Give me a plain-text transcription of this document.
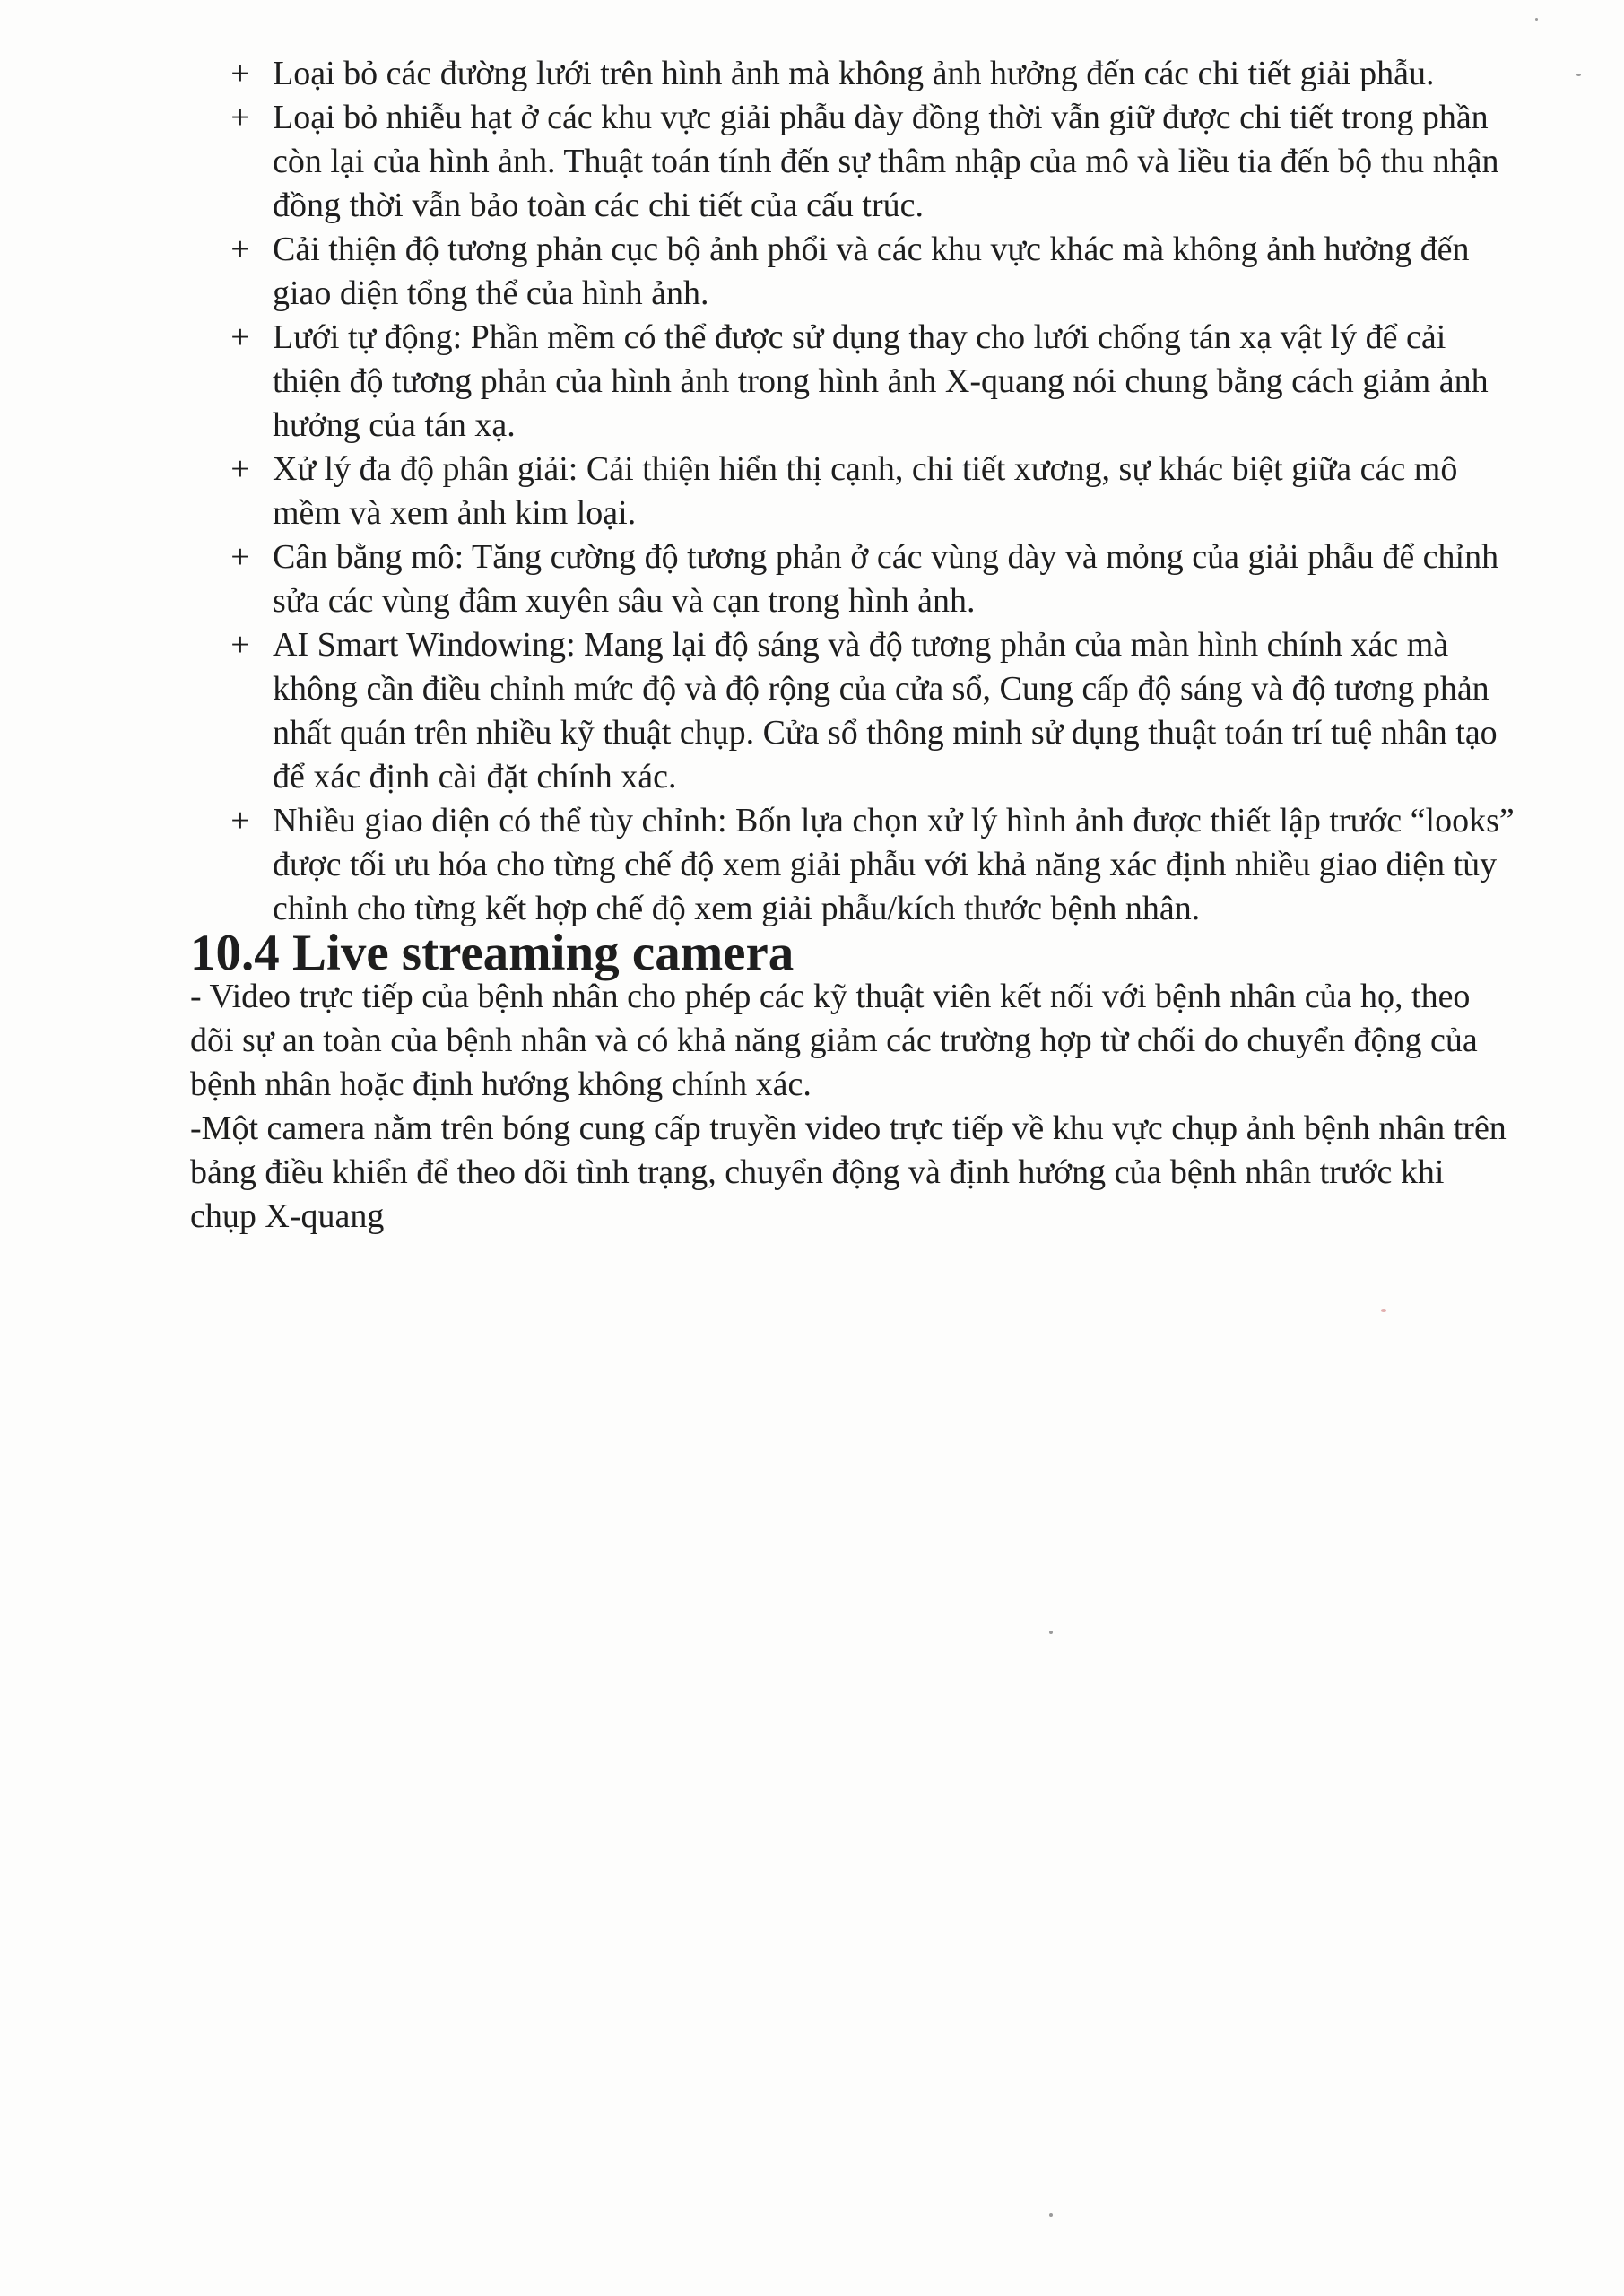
+ Loại bỏ các đường lưới trên hình ảnh mà không ảnh hưởng đến các chi tiết giải phẫu.
+ Loại bỏ nhiễu hạt ở các khu vực giải phẫu dày đồng thời vẫn giữ được chi tiết trong phần còn lại của hình ảnh. Thuật toán tính đến sự thâm nhập của mô và liều tia đến bộ thu nhận đồng thời vẫn bảo toàn các chi tiết của cấu trúc.
+ Cải thiện độ tương phản cục bộ ảnh phổi và các khu vực khác mà không ảnh hưởng đến giao diện tổng thể của hình ảnh.
+ Lưới tự động: Phần mềm có thể được sử dụng thay cho lưới chống tán xạ vật lý để cải thiện độ tương phản của hình ảnh trong hình ảnh X-quang nói chung bằng cách giảm ảnh hưởng của tán xạ.
+ Xử lý đa độ phân giải: Cải thiện hiển thị cạnh, chi tiết xương, sự khác biệt giữa các mô mềm và xem ảnh kim loại.
+ Cân bằng mô: Tăng cường độ tương phản ở các vùng dày và mỏng của giải phẫu để chỉnh sửa các vùng đâm xuyên sâu và cạn trong hình ảnh.
+ AI Smart Windowing: Mang lại độ sáng và độ tương phản của màn hình chính xác mà không cần điều chỉnh mức độ và độ rộng của cửa sổ, Cung cấp độ sáng và độ tương phản nhất quán trên nhiều kỹ thuật chụp. Cửa sổ thông minh sử dụng thuật toán trí tuệ nhân tạo để xác định cài đặt chính xác.
+ Nhiều giao diện có thể tùy chỉnh: Bốn lựa chọn xử lý hình ảnh được thiết lập trước “looks” được tối ưu hóa cho từng chế độ xem giải phẫu với khả năng xác định nhiều giao diện tùy chỉnh cho từng kết hợp chế độ xem giải phẫu/kích thước bệnh nhân.
10.4 Live streaming camera

- Video trực tiếp của bệnh nhân cho phép các kỹ thuật viên kết nối với bệnh nhân của họ, theo dõi sự an toàn của bệnh nhân và có khả năng giảm các trường hợp từ chối do chuyển động của bệnh nhân hoặc định hướng không chính xác.

-Một camera nằm trên bóng cung cấp truyền video trực tiếp về khu vực chụp ảnh bệnh nhân trên bảng điều khiển để theo dõi tình trạng, chuyển động và định hướng của bệnh nhân trước khi chụp X-quang
